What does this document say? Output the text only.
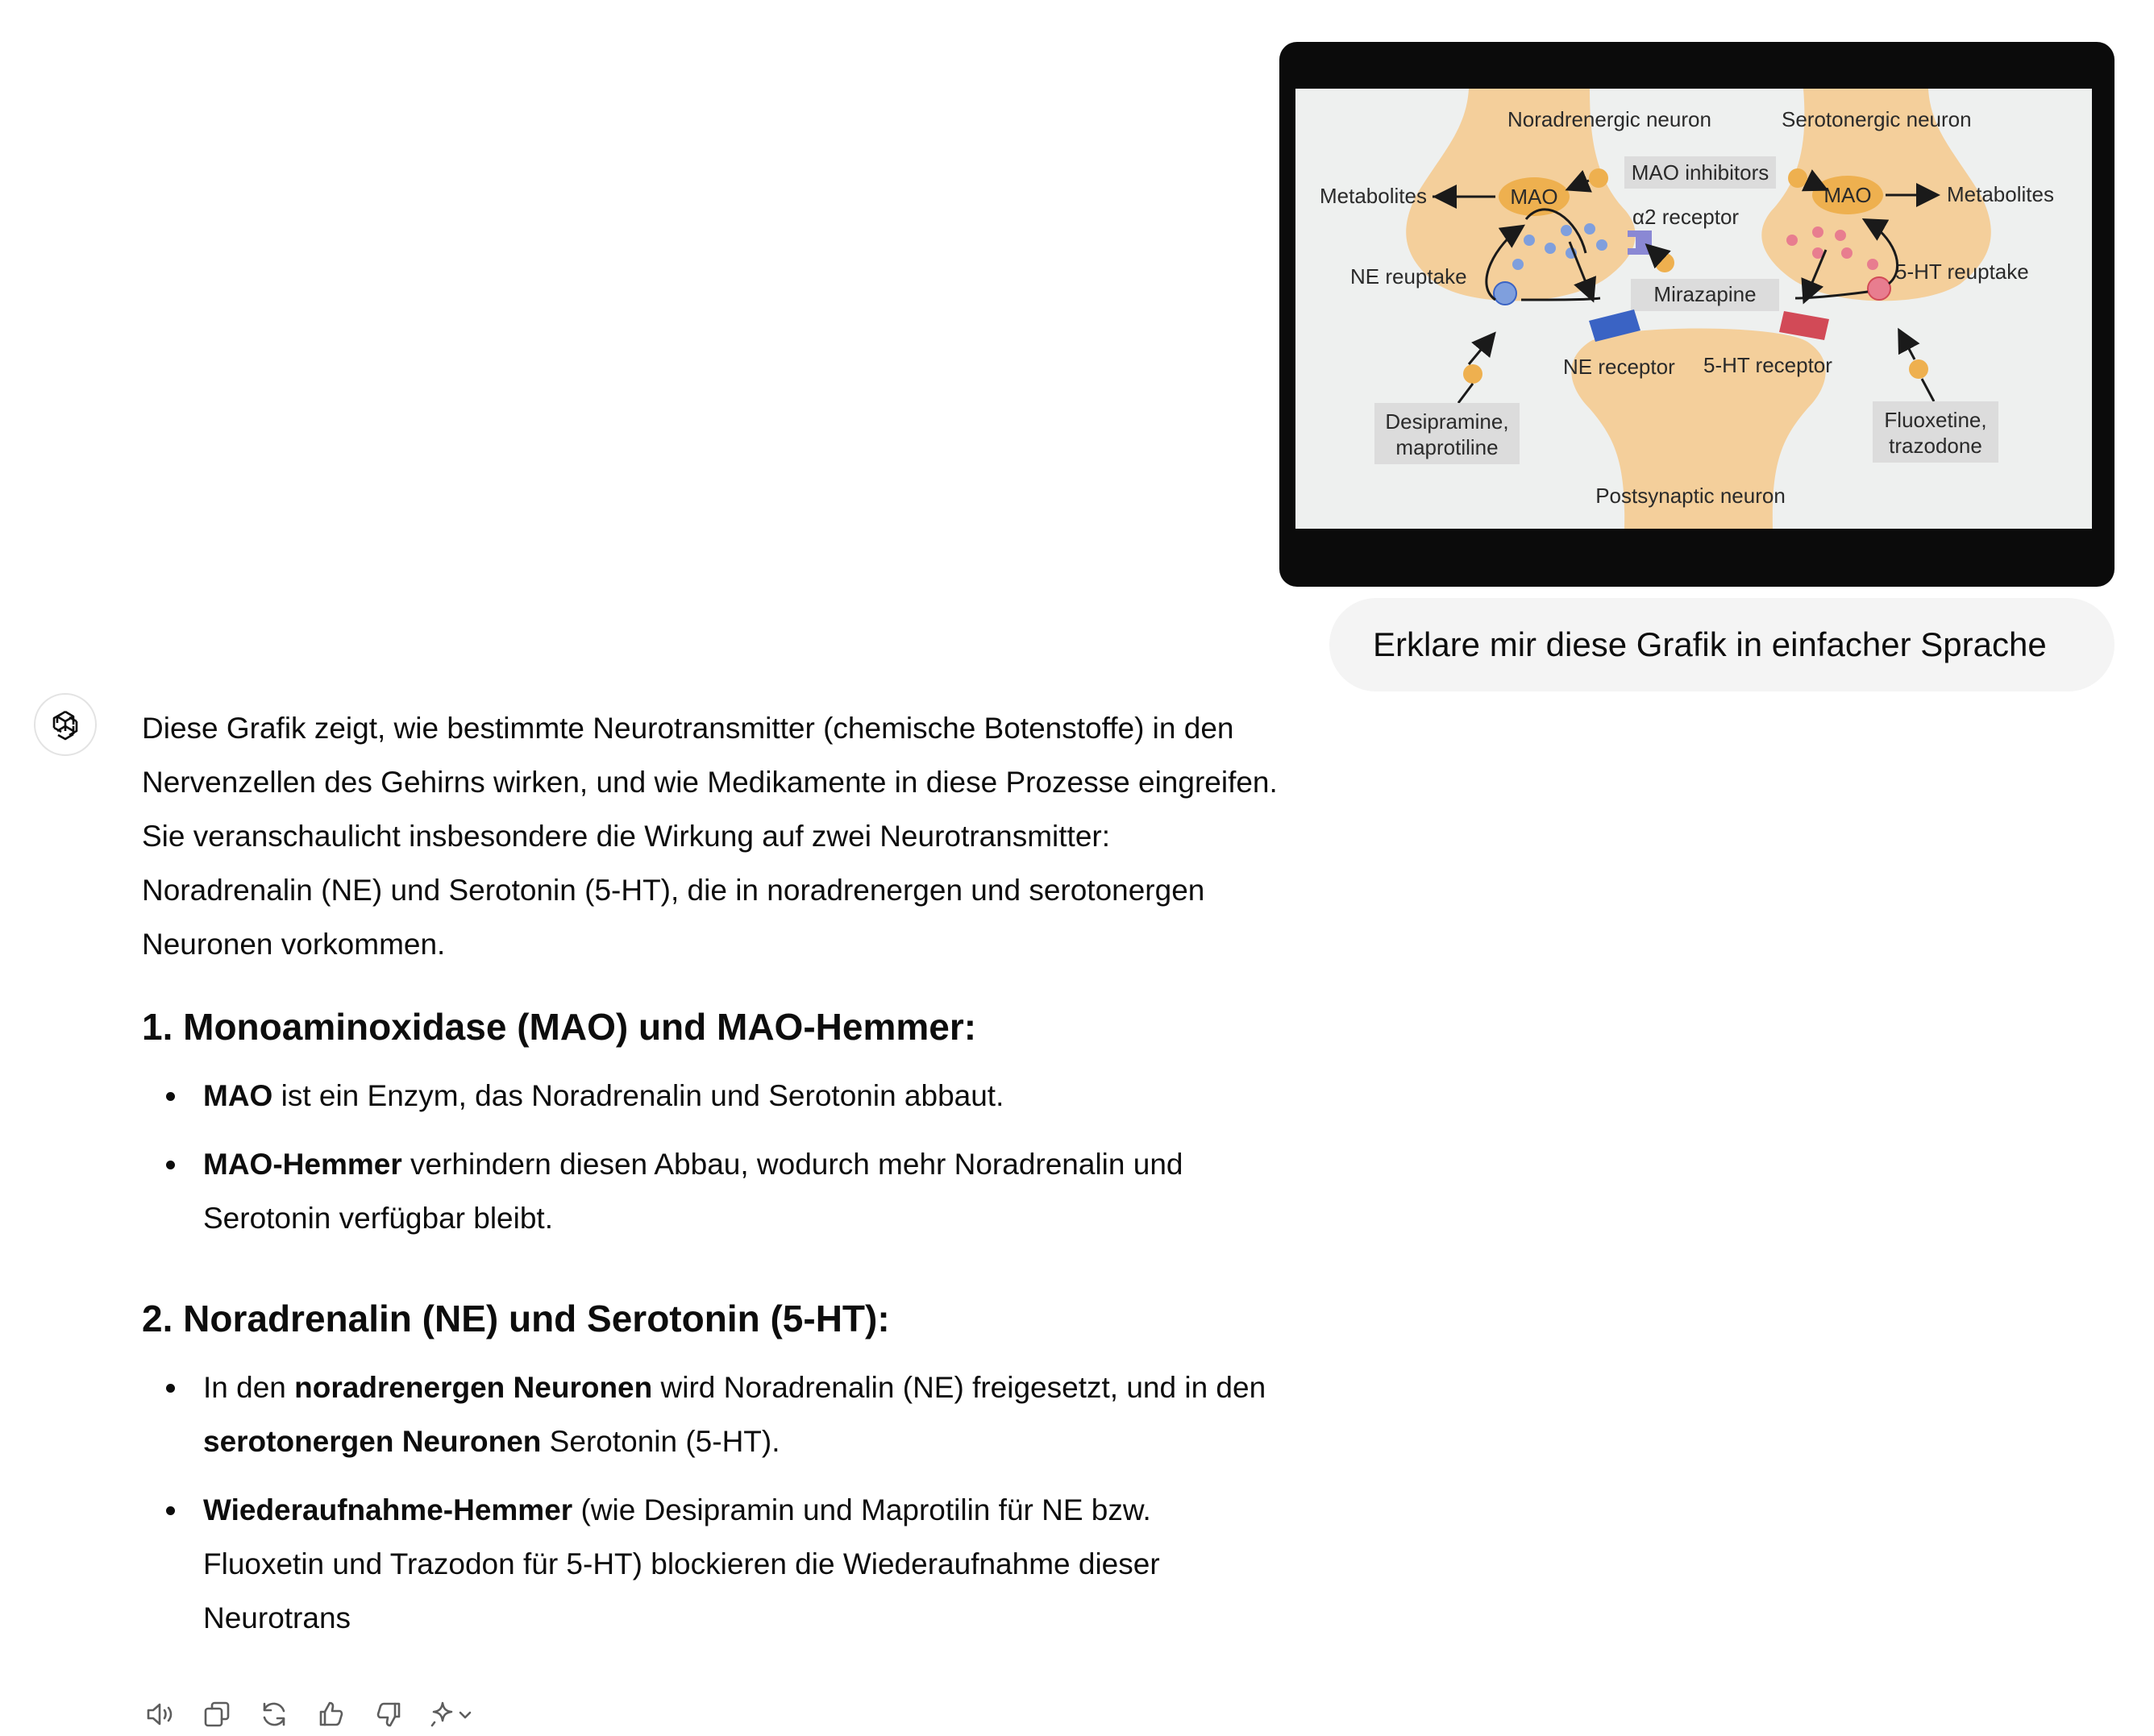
Noradrenergic neuron	Serotonergic neuron
Metabolites	Metabolites
MAO	MAO
MAO inhibitors
α2 receptor
Mirazapine
NE reuptake	5-HT reuptake
NE receptor 5-HT receptor
Desipramine,
maprotiline
Fluoxetine,
trazodone
Postsynaptic neuron
Erklare mir diese Grafik in einfacher Sprache

Diese Grafik zeigt, wie bestimmte Neurotransmitter (chemische Botenstoffe) in den Nervenzellen des Gehirns wirken, und wie Medikamente in diese Prozesse eingreifen. Sie veranschaulicht insbesondere die Wirkung auf zwei Neurotransmitter: Noradrenalin (NE) und Serotonin (5-HT), die in noradrenergen und serotonergen Neuronen vorkommen.

1. Monoaminoxidase (MAO) und MAO-Hemmer:
MAO ist ein Enzym, das Noradrenalin und Serotonin abbaut.
MAO-Hemmer verhindern diesen Abbau, wodurch mehr Noradrenalin und Serotonin verfügbar bleibt.
2. Noradrenalin (NE) und Serotonin (5-HT):
In den noradrenergen Neuronen wird Noradrenalin (NE) freigesetzt, und in den serotonergen Neuronen Serotonin (5-HT).
Wiederaufnahme-Hemmer (wie Desipramin und Maprotilin für NE bzw. Fluoxetin und Trazodon für 5-HT) blockieren die Wiederaufnahme dieser Neurotrans
